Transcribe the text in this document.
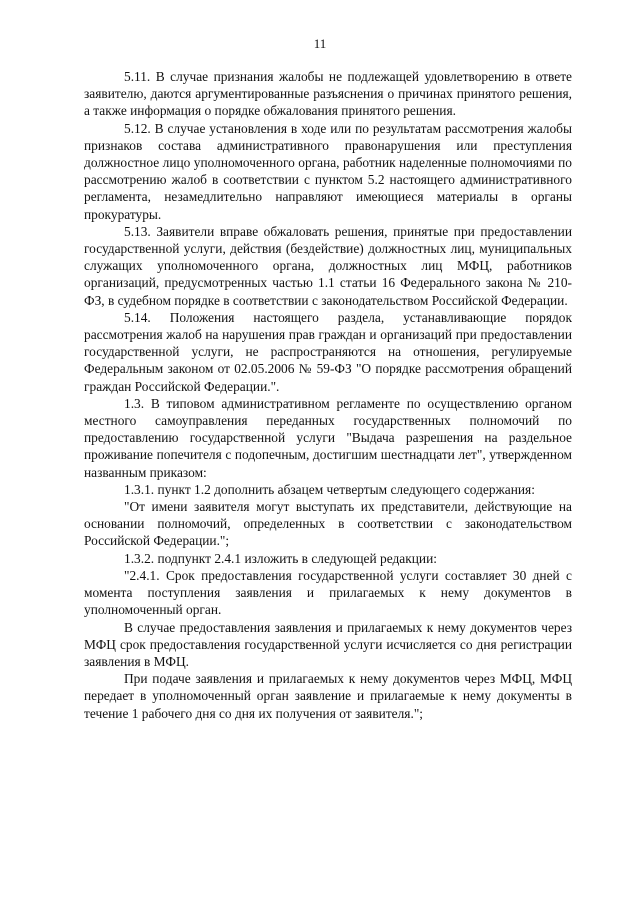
11

5.11. В случае признания жалобы не подлежащей удовлетворению в ответе заявителю, даются аргументированные разъяснения о причинах принятого решения, а также информация о порядке обжалования принятого решения.

5.12. В случае установления в ходе или по результатам рассмотрения жалобы признаков состава административного правонарушения или преступления должностное лицо уполномоченного органа, работник наделенные полномочиями по рассмотрению жалоб в соответствии с пунктом 5.2 настоящего административного регламента, незамедлительно направляют имеющиеся материалы в органы прокуратуры.

5.13. Заявители вправе обжаловать решения, принятые при предоставлении государственной услуги, действия (бездействие) должностных лиц, муниципальных служащих уполномоченного органа, должностных лиц МФЦ, работников организаций, предусмотренных частью 1.1 статьи 16 Федерального закона № 210-ФЗ, в судебном порядке в соответствии с законодательством Российской Федерации.

5.14. Положения настоящего раздела, устанавливающие порядок рассмотрения жалоб на нарушения прав граждан и организаций при предоставлении государственной услуги, не распространяются на отношения, регулируемые Федеральным законом от 02.05.2006 № 59-ФЗ "О порядке рассмотрения обращений граждан Российской Федерации.".

1.3. В типовом административном регламенте по осуществлению органом местного самоуправления переданных государственных полномочий по предоставлению государственной услуги "Выдача разрешения на раздельное проживание попечителя с подопечным, достигшим шестнадцати лет", утвержденном названным приказом:

1.3.1. пункт 1.2 дополнить абзацем четвертым следующего содержания:

"От имени заявителя могут выступать их представители, действующие на основании полномочий, определенных в соответствии с законодательством Российской Федерации.";

1.3.2. подпункт 2.4.1 изложить в следующей редакции:

"2.4.1. Срок предоставления государственной услуги составляет 30 дней с момента поступления заявления и прилагаемых к нему документов в уполномоченный орган.

В случае предоставления заявления и прилагаемых к нему документов через МФЦ срок предоставления государственной услуги исчисляется со дня регистрации заявления в МФЦ.

При подаче заявления и прилагаемых к нему документов через МФЦ, МФЦ передает в уполномоченный орган заявление и прилагаемые к нему документы в течение 1 рабочего дня со дня их получения от заявителя.";
